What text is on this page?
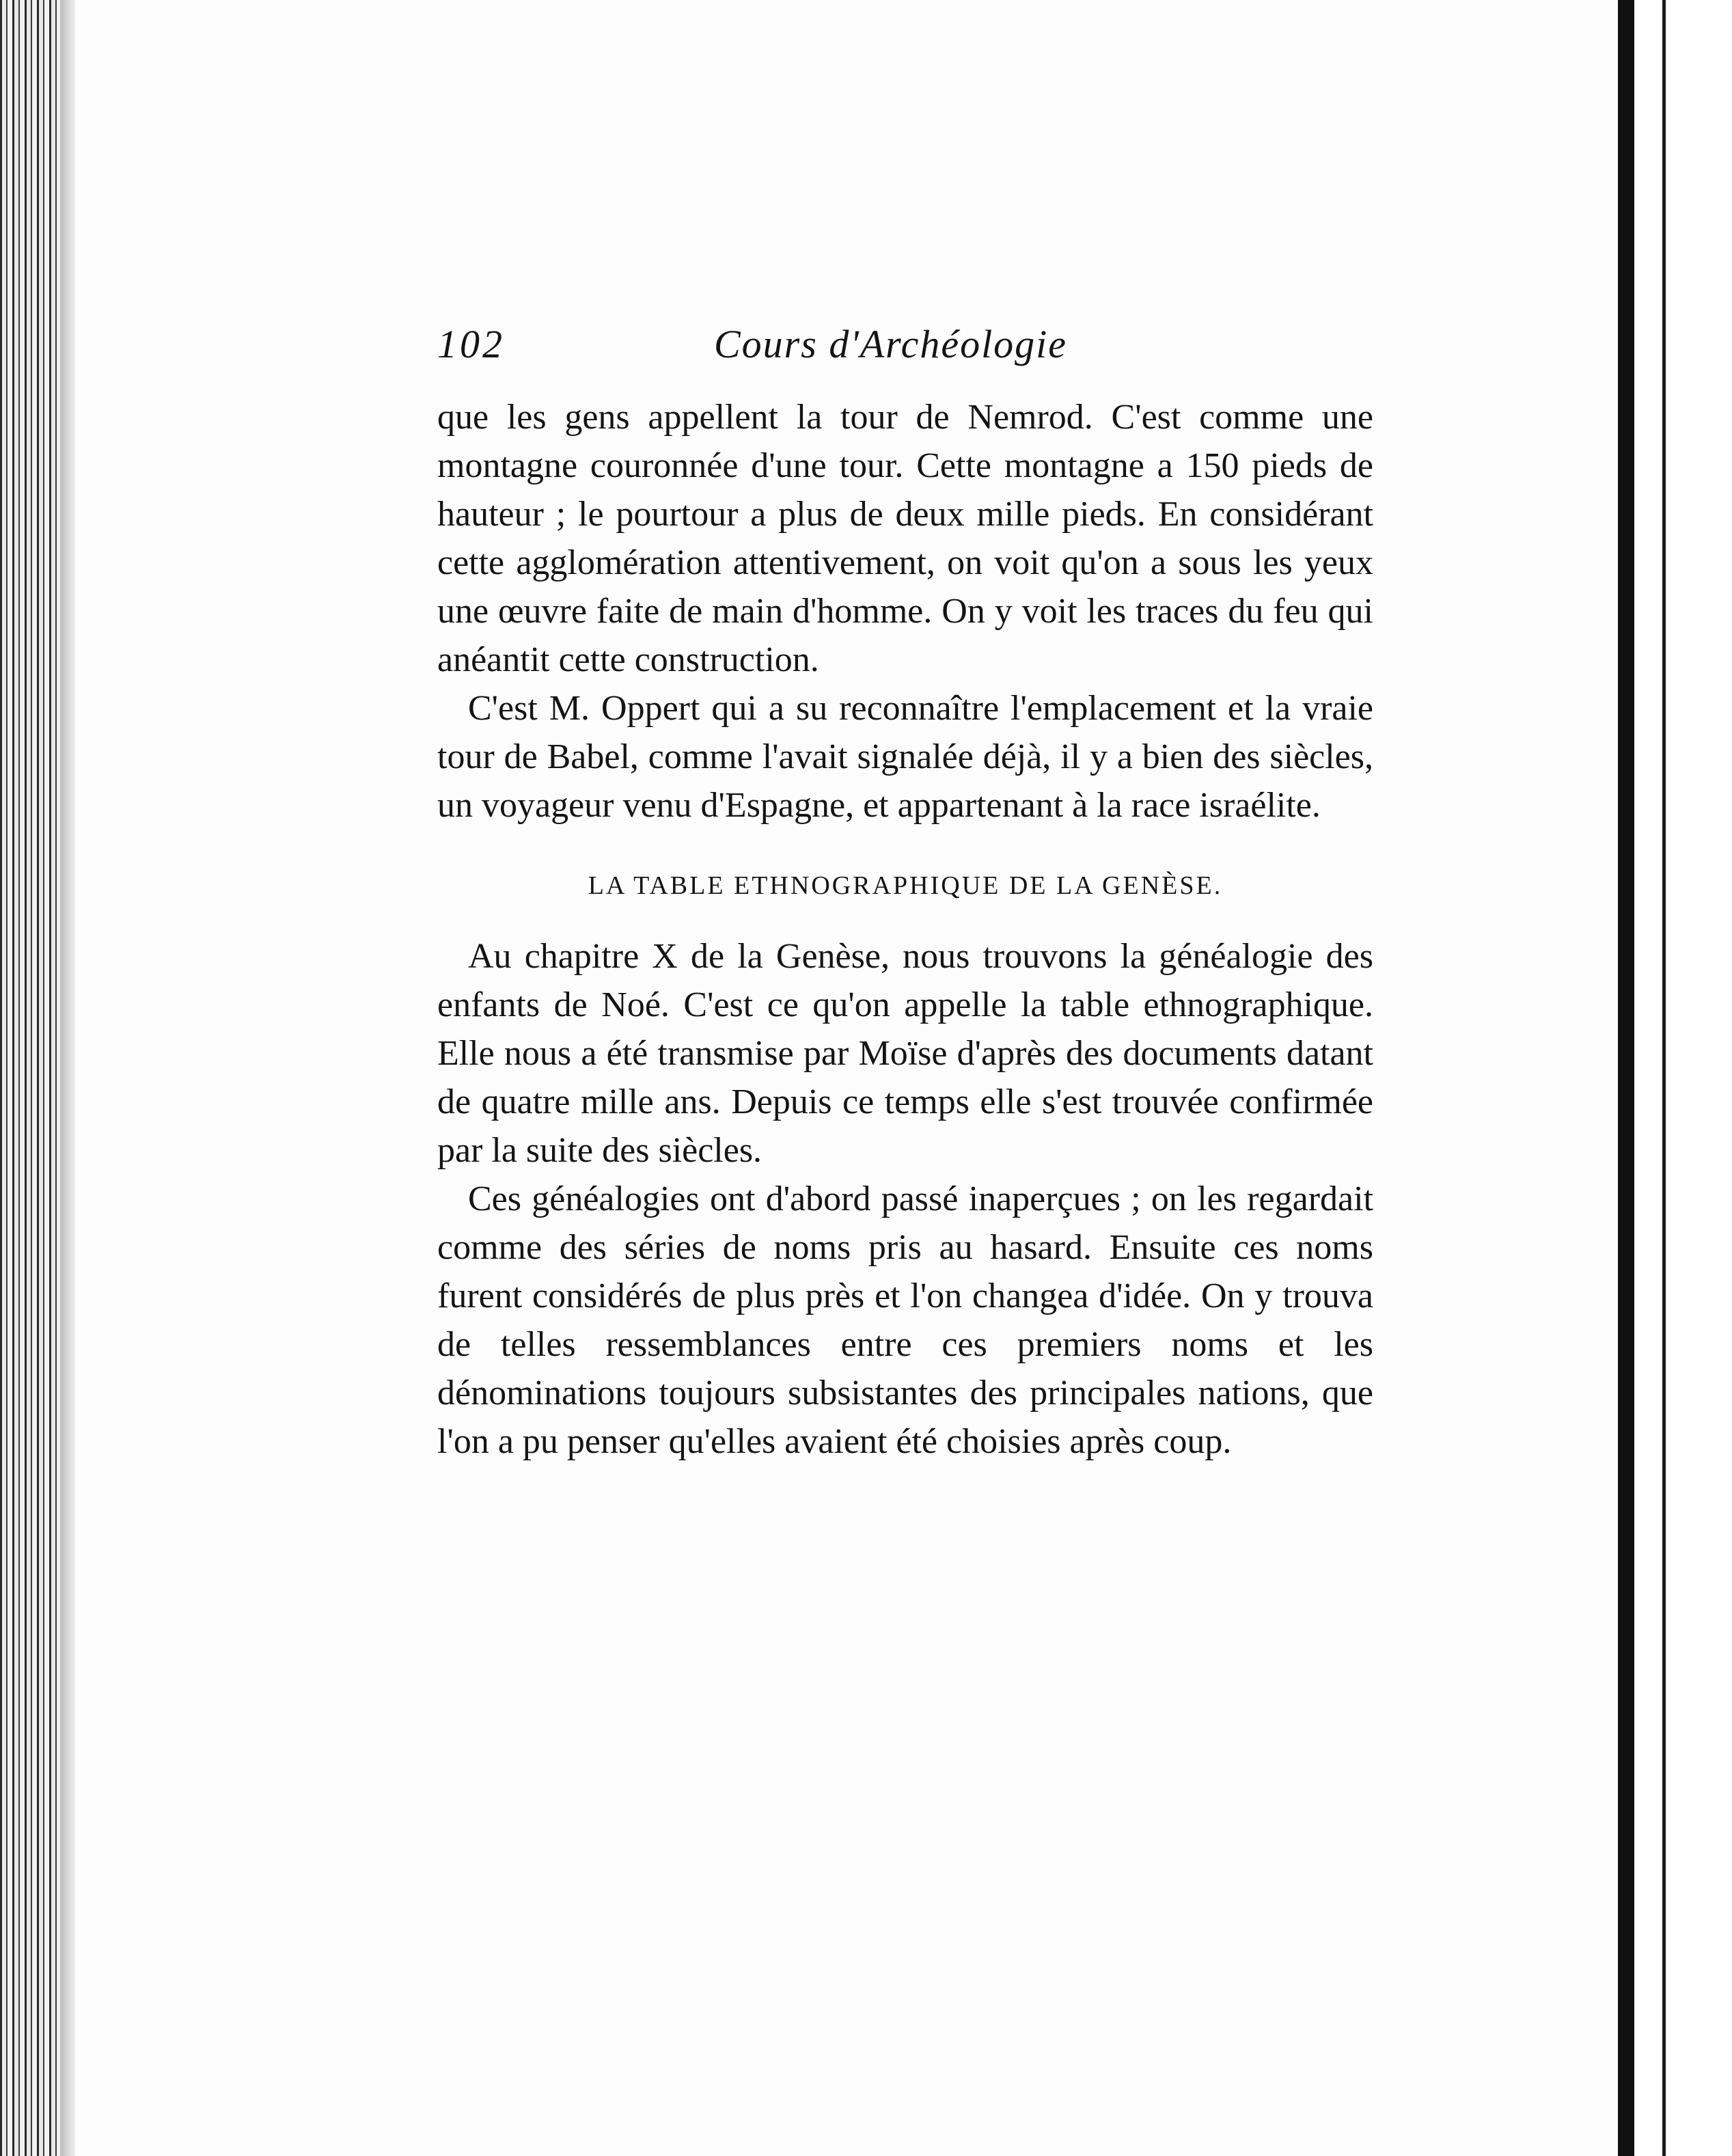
102	Cours d'Archéologie

que les gens appellent la tour de Nemrod. C'est comme une montagne couronnée d'une tour. Cette montagne a 150 pieds de hauteur ; le pourtour a plus de deux mille pieds. En considérant cette agglomération attentivement, on voit qu'on a sous les yeux une œuvre faite de main d'homme. On y voit les traces du feu qui anéantit cette construction.

C'est M. Oppert qui a su reconnaître l'emplacement et la vraie tour de Babel, comme l'avait signalée déjà, il y a bien des siècles, un voyageur venu d'Espagne, et appartenant à la race israélite.

LA TABLE ETHNOGRAPHIQUE DE LA GENÈSE.

Au chapitre X de la Genèse, nous trouvons la généalogie des enfants de Noé. C'est ce qu'on appelle la table ethnographique. Elle nous a été transmise par Moïse d'après des documents datant de quatre mille ans. Depuis ce temps elle s'est trouvée confirmée par la suite des siècles.

Ces généalogies ont d'abord passé inaperçues ; on les regardait comme des séries de noms pris au hasard. Ensuite ces noms furent considérés de plus près et l'on changea d'idée. On y trouva de telles ressemblances entre ces premiers noms et les dénominations toujours subsistantes des principales nations, que l'on a pu penser qu'elles avaient été choisies après coup.
